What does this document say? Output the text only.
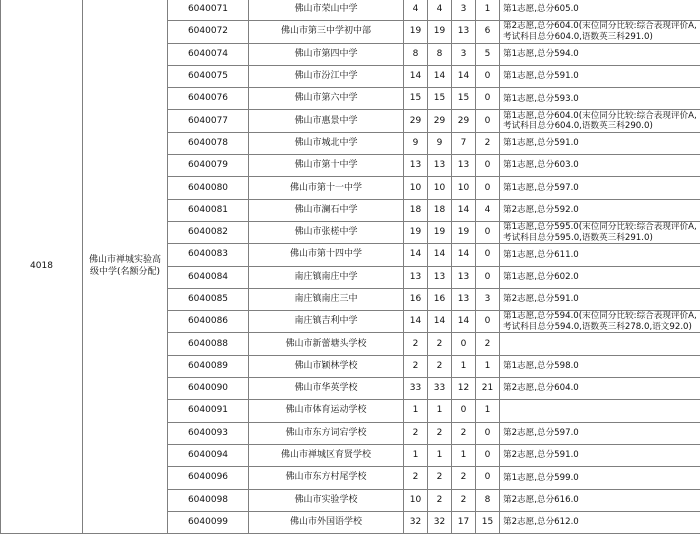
4018	佛山市禅城实验高级中学(名额分配)	6040071	佛山市荣山中学	4	4	3	1	第1志愿,总分605.0
		6040072	佛山市第三中学初中部	19	19	13	6	第2志愿,总分604.0(末位同分比较:综合表现评价A,考试科目总分604.0,语数英三科291.0)
		6040074	佛山市第四中学	8	8	3	5	第1志愿,总分594.0
		6040075	佛山市汾江中学	14	14	14	0	第1志愿,总分591.0
		6040076	佛山市第六中学	15	15	15	0	第1志愿,总分593.0
		6040077	佛山市惠景中学	29	29	29	0	第1志愿,总分604.0(末位同分比较:综合表现评价A,考试科目总分604.0,语数英三科290.0)
		6040078	佛山市城北中学	9	9	7	2	第1志愿,总分591.0
		6040079	佛山市第十中学	13	13	13	0	第1志愿,总分603.0
		6040080	佛山市第十一中学	10	10	10	0	第1志愿,总分597.0
		6040081	佛山市澜石中学	18	18	14	4	第2志愿,总分592.0
		6040082	佛山市张槎中学	19	19	19	0	第1志愿,总分595.0(末位同分比较:综合表现评价A,考试科目总分595.0,语数英三科291.0)
		6040083	佛山市第十四中学	14	14	14	0	第1志愿,总分611.0
		6040084	南庄镇南庄中学	13	13	13	0	第1志愿,总分602.0
		6040085	南庄镇南庄三中	16	16	13	3	第2志愿,总分591.0
		6040086	南庄镇吉利中学	14	14	14	0	第1志愿,总分594.0(末位同分比较:综合表现评价A,考试科目总分594.0,语数英三科278.0,语文92.0)
		6040088	佛山市新蕾塘头学校	2	2	0	2	
		6040089	佛山市颖林学校	2	2	1	1	第1志愿,总分598.0
		6040090	佛山市华英学校	33	33	12	21	第2志愿,总分604.0
		6040091	佛山市体育运动学校	1	1	0	1	
		6040093	佛山市东方词宕学校	2	2	2	0	第2志愿,总分597.0
		6040094	佛山市禅城区育贤学校	1	1	1	0	第2志愿,总分591.0
		6040096	佛山市东方村尾学校	2	2	2	0	第1志愿,总分599.0
		6040098	佛山市实验学校	10	2	2	8	第2志愿,总分616.0
		6040099	佛山市外国语学校	32	32	17	15	第2志愿,总分612.0
